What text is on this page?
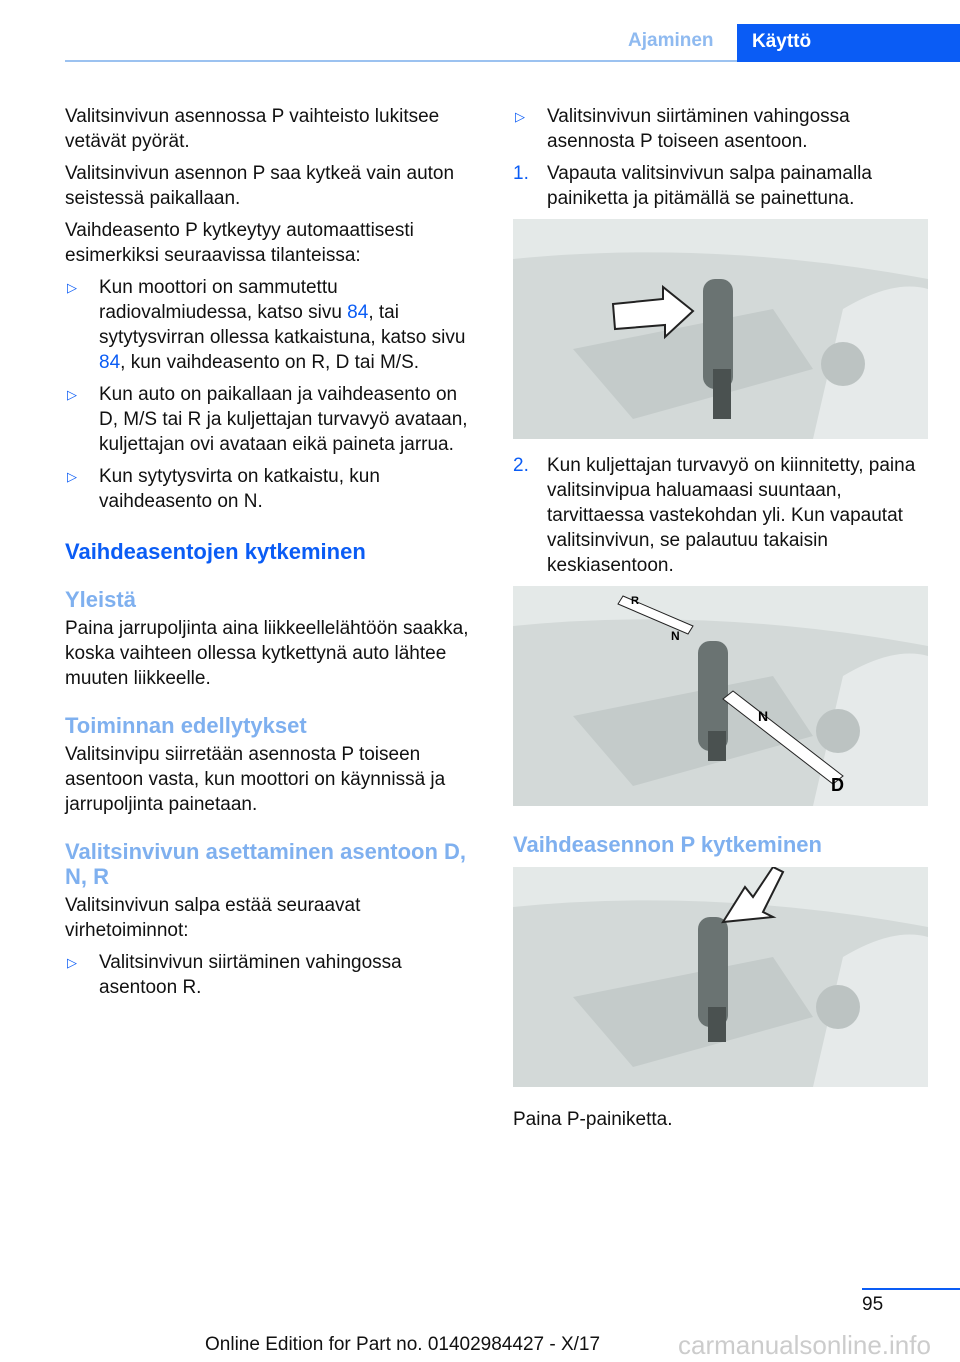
Ajaminen	Käyttö

Valitsinvivun asennossa P vaihteisto lukitsee vetävät pyörät.

Valitsinvivun asennon P saa kytkeä vain auton seistessä paikallaan.

Vaihdeasento P kytkeytyy automaattisesti esimerkiksi seuraavissa tilanteissa:

▷ Kun moottori on sammutettu radiovalmiudessa, katso sivu 84, tai sytytysvirran ollessa katkaistuna, katso sivu 84, kun vaihdeasento on R, D tai M/S.
▷ Kun auto on paikallaan ja vaihdeasento on D, M/S tai R ja kuljettajan turvavyö avataan, kuljettajan ovi avataan eikä paineta jarrua.
▷ Kun sytytysvirta on katkaistu, kun vaihdeasento on N.
Vaihdeasentojen kytkeminen
Yleistä

Paina jarrupoljinta aina liikkeellelähtöön saakka, koska vaihteen ollessa kytkettynä auto lähtee muuten liikkeelle.

Toiminnan edellytykset

Valitsinvipu siirretään asennosta P toiseen asentoon vasta, kun moottori on käynnissä ja jarrupoljinta painetaan.

Valitsinvivun asettaminen asentoon D, N, R

Valitsinvivun salpa estää seuraavat virhetoiminnot:

▷ Valitsinvivun siirtäminen vahingossa asentoon R.
▷ Valitsinvivun siirtäminen vahingossa asennosta P toiseen asentoon.
1. Vapauta valitsinvivun salpa painamalla painiketta ja pitämällä se painettuna.
2. Kun kuljettajan turvavyö on kiinnitetty, paina valitsinvipua haluamaasi suuntaan, tarvittaessa vastekohdan yli. Kun vapautat valitsinvivun, se palautuu takaisin keskiasentoon.
R
N
N
D
Vaihdeasennon P kytkeminen

Paina P-painiketta.

95
Online Edition for Part no. 01402984427 - X/17	carmanualsonline.info
